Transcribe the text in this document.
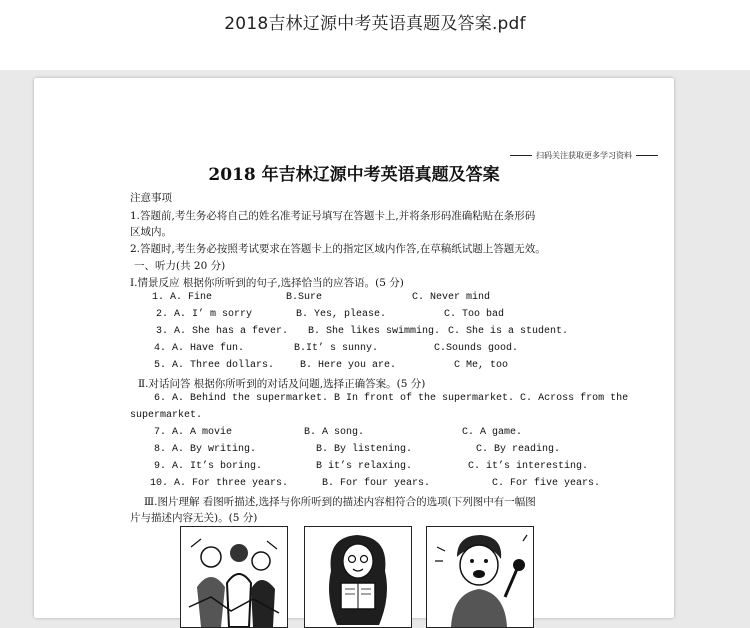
2018吉林辽源中考英语真题及答案.pdf
扫码关注获取更多学习资料
2018 年吉林辽源中考英语真题及答案
注意事项
1.答题前,考生务必将自己的姓名准考证号填写在答题卡上,并将条形码准确粘贴在条形码
区域内。
2.答题时,考生务必按照考试要求在答题卡上的指定区域内作答,在草稿纸试题上答题无效。
一、听力(共 20 分)
Ⅰ.情景反应 根据你所听到的句子,选择恰当的应答语。(5 分)
1. A. Fine	B.Sure	C. Never mind
2. A. I’ m sorry	B. Yes, please.	C. Too bad
3. A. She has a fever. B. She likes swimming. C. She is a student.
4. A. Have fun.	B.It’ s sunny.	C.Sounds good.
5. A. Three dollars.	B. Here you are.	C Me, too
Ⅱ.对话问答 根据你所听到的对话及问题,选择正确答案。(5 分)
6. A. Behind the supermarket. B In front of the supermarket. C. Across from the
supermarket.
7. A. A movie	B. A song.	C. A game.
8. A. By writing.	B. By listening.	C. By reading.
9. A. It’s boring.	B it’s relaxing.	C. it’s interesting.
10. A. For three years.	B. For four years.	C. For five years.
Ⅲ.图片理解 看图听描述,选择与你所听到的描述内容相符合的选项(下列图中有一幅图
片与描述内容无关)。(5 分)
